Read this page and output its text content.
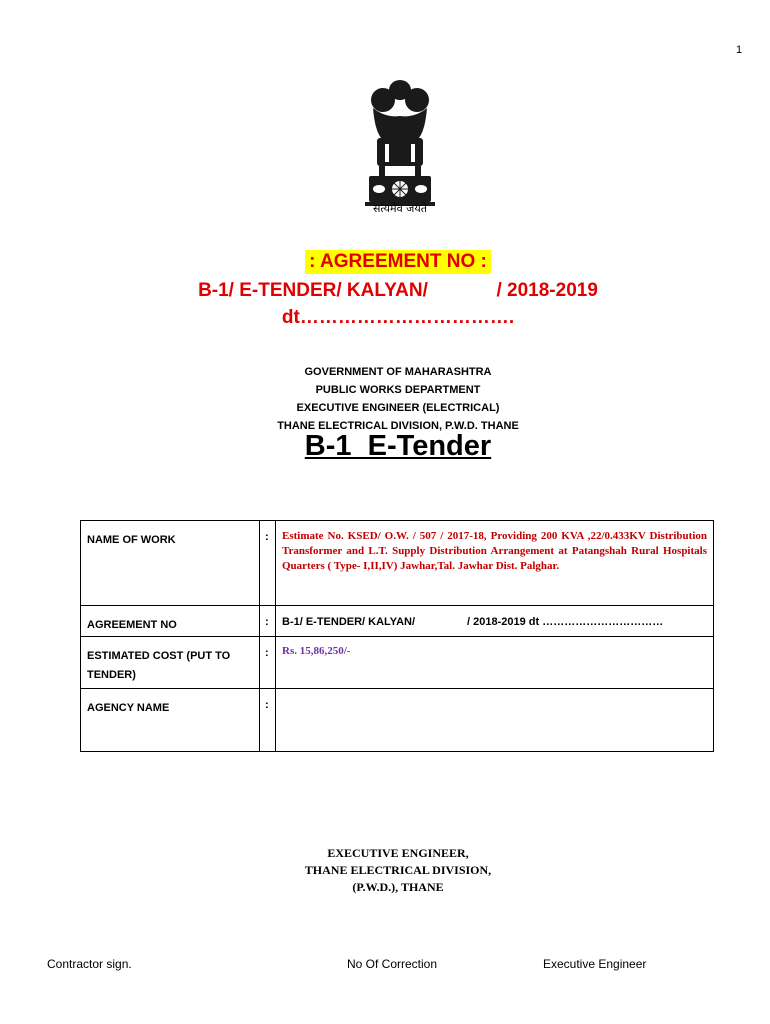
1
सत्यमेव जयते
: AGREEMENT NO :
B-1/ E-TENDER/ KALYAN/             / 2018-2019
dt…………………………….
GOVERNMENT OF MAHARASHTRA
PUBLIC WORKS DEPARTMENT
EXECUTIVE ENGINEER (ELECTRICAL)
THANE ELECTRICAL DIVISION, P.W.D. THANE
B-1  E-Tender
NAME OF WORK	:	Estimate No. KSED/ O.W. / 507 / 2017-18, Providing 200 KVA ,22/0.433KV Distribution Transformer and L.T. Supply Distribution Arrangement at Patangshah Rural Hospitals Quarters ( Type- I,II,IV) Jawhar,Tal. Jawhar Dist. Palghar.
AGREEMENT NO	:	B-1/ E-TENDER/ KALYAN/                 / 2018-2019 dt ……………………………
ESTIMATED COST (PUT TO TENDER)	:	Rs. 15,86,250/-
AGENCY NAME	:	
EXECUTIVE ENGINEER,
THANE ELECTRICAL DIVISION,
(P.W.D.), THANE
Contractor sign.	No Of Correction	Executive Engineer
